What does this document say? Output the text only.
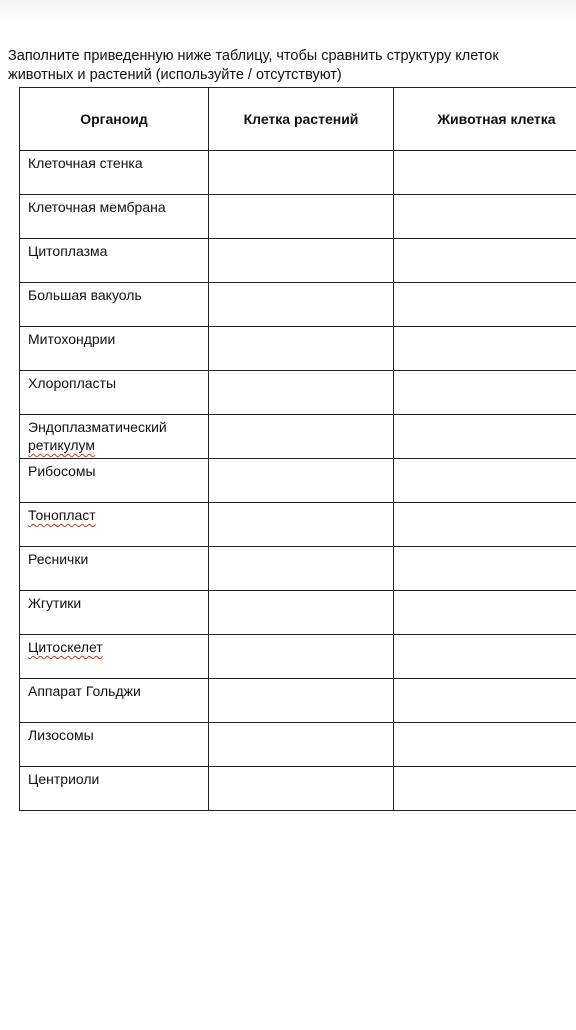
Заполните приведенную ниже таблицу, чтобы сравнить структуру клеток
животных и растений (используйте / отсутствуют)
Органоид	Клетка растений	Животная клетка
Клеточная стенка		
Клеточная мембрана		
Цитоплазма		
Большая вакуоль		
Митохондрии		
Хлоропласты		
Эндоплазматический
ретикулум		
Рибосомы		
Тонопласт		
Реснички		
Жгутики		
Цитоскелет		
Аппарат Гольджи		
Лизосомы		
Центриоли		
